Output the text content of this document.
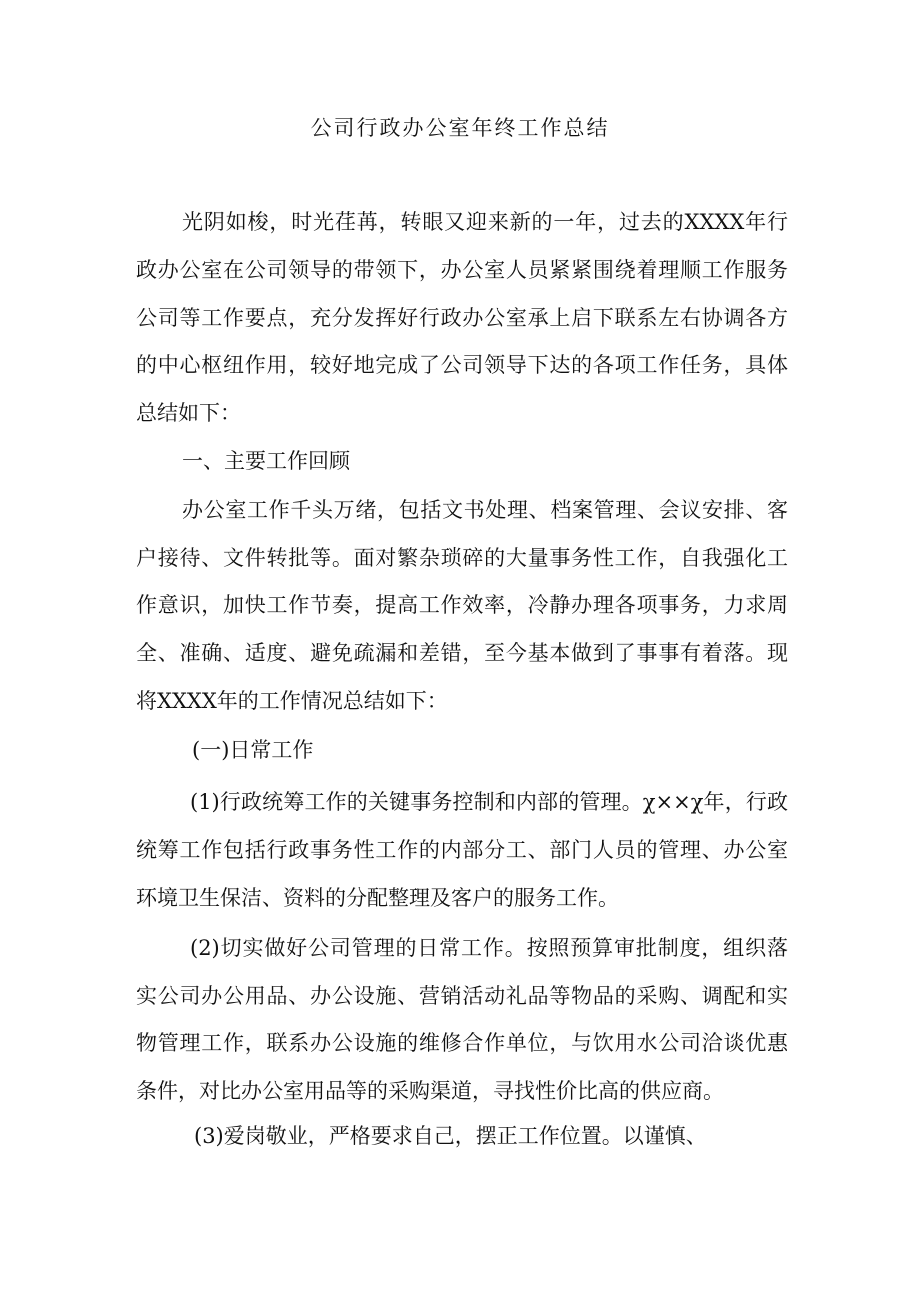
公司行政办公室年终工作总结
光阴如梭，时光荏苒，转眼又迎来新的一年，过去的XXXX年行
政办公室在公司领导的带领下，办公室人员紧紧围绕着理顺工作服务
公司等工作要点，充分发挥好行政办公室承上启下联系左右协调各方
的中心枢纽作用，较好地完成了公司领导下达的各项工作任务，具体
总结如下：
一、主要工作回顾
办公室工作千头万绪，包括文书处理、档案管理、会议安排、客
户接待、文件转批等。面对繁杂琐碎的大量事务性工作，自我强化工
作意识，加快工作节奏，提高工作效率，冷静办理各项事务，力求周
全、准确、适度、避免疏漏和差错，至今基本做到了事事有着落。现
将XXXX年的工作情况总结如下：
(一)日常工作
(1)行政统筹工作的关键事务控制和内部的管理。χ××χ年，行政
统筹工作包括行政事务性工作的内部分工、部门人员的管理、办公室
环境卫生保洁、资料的分配整理及客户的服务工作。
(2)切实做好公司管理的日常工作。按照预算审批制度，组织落
实公司办公用品、办公设施、营销活动礼品等物品的采购、调配和实
物管理工作，联系办公设施的维修合作单位，与饮用水公司洽谈优惠
条件，对比办公室用品等的采购渠道，寻找性价比高的供应商。
(3)爱岗敬业，严格要求自己，摆正工作位置。以谨慎、
